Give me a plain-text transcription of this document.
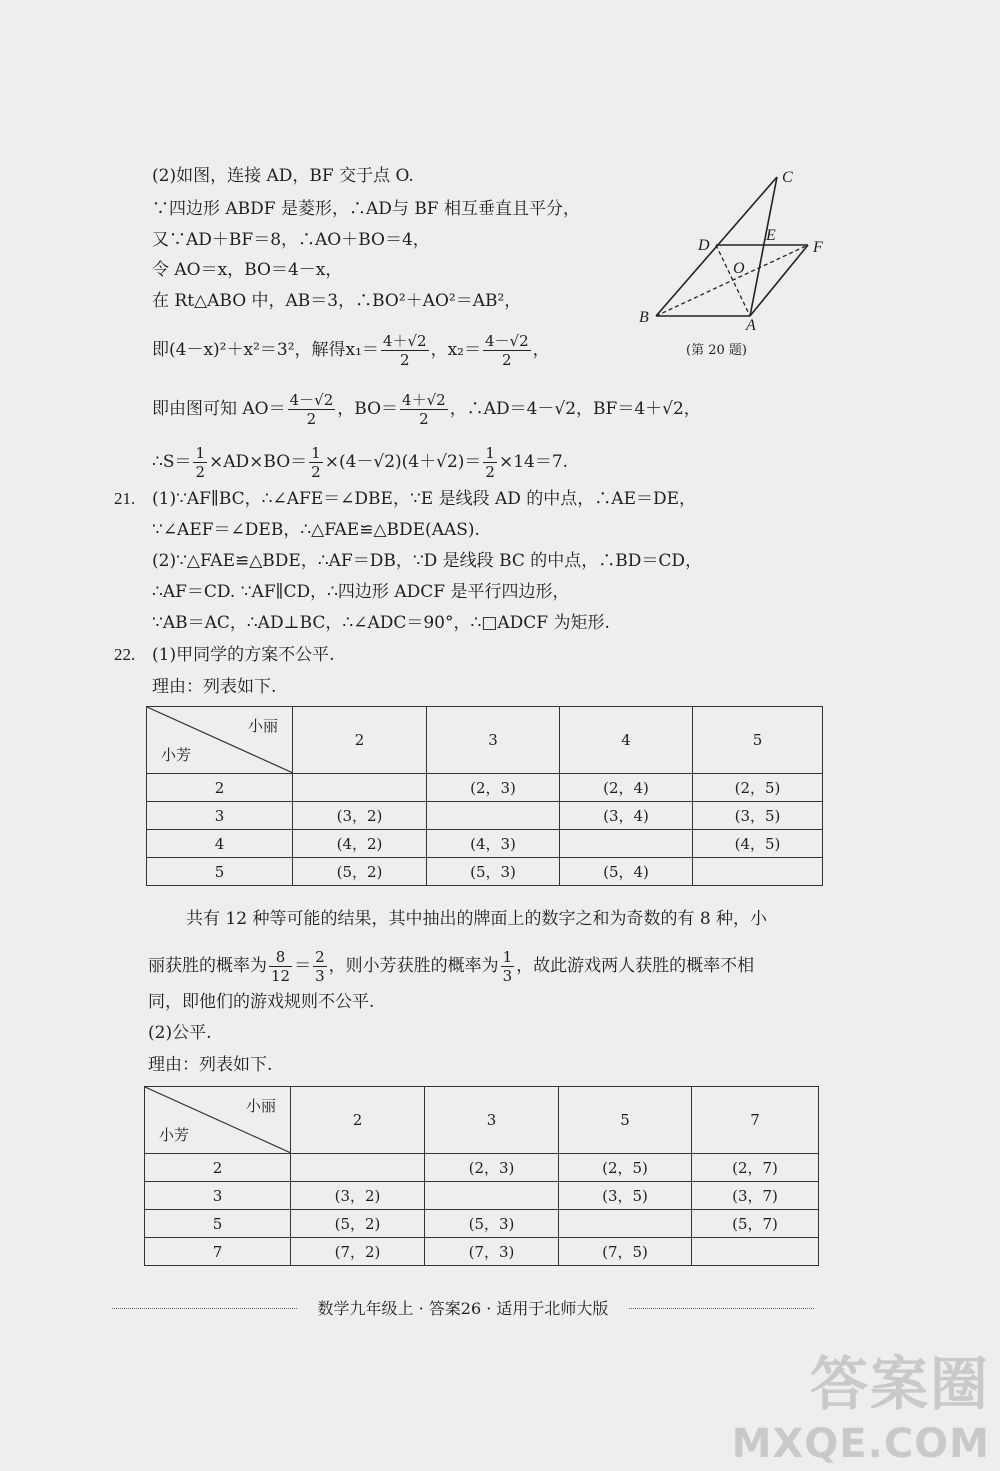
(2)如图，连接 AD，BF 交于点 O.
∵四边形 ABDF 是菱形，∴AD与 BF 相互垂直且平分，
又∵AD＋BF＝8，∴AO＋BO＝4，
令 AO＝x，BO＝4－x，
在 Rt△ABO 中，AB＝3，∴BO²＋AO²＝AB²，
即(4－x)²＋x²＝3²，解得$x_1= \frac{4+√2}{2}$ ，$x_2= \frac{4-√2}{2}$ ，
即由图可知 $AO= \frac{4-√2}{2}$ ，$BO= \frac{4+√2}{2}$ ，∴AD＝4－√2，BF＝4＋√2，
∴S＝ $\frac{1}{2} \times AD\times BO= \frac{1}{2} \times(4-√2)(4+√2)= \frac{1}{2} \times 14=7$.
C
D
E
F
O
B	A
(第 20 题)
21. (1)∵AF∥BC，∴∠AFE＝∠DBE，∵E 是线段 AD 的中点，∴AE＝DE，
∵∠AEF＝∠DEB，∴△FAE≌△BDE(AAS).
(2)∵△FAE≌△BDE，∴AF＝DB，∵D 是线段 BC 的中点，∴BD＝CD，
∴AF＝CD. ∵AF∥CD，∴四边形 ADCF 是平行四边形，
∵AB＝AC，∴AD⊥BC，∴∠ADC＝90°，∴□ADCF 为矩形.
22. (1)甲同学的方案不公平.
理由：列表如下.
小丽
小芳	2	3	4	5
2		(2，3)	(2，4)	(2，5)
3	(3，2)		(3，4)	(3，5)
4	(4，2)	(4，3)		(4，5)
5	(5，2)	(5，3)	(5，4)	
共有 12 种等可能的结果，其中抽出的牌面上的数字之和为奇数的有 8 种，小
丽获胜的概率为 $\frac{8}{12} = \frac{2}{3}$ ，则小芳获胜的概率为 $\frac{1}{3}$ ，故此游戏两人获胜的概率不相
同，即他们的游戏规则不公平.
(2)公平.
理由：列表如下.
小丽
小芳	2	3	5	7
2		(2，3)	(2，5)	(2，7)
3	(3，2)		(3，5)	(3，7)
5	(5，2)	(5，3)		(5，7)
7	(7，2)	(7，3)	(7，5)	
数学九年级上 · 答案26 · 适用于北师大版
答案圈
MXQE.COM
